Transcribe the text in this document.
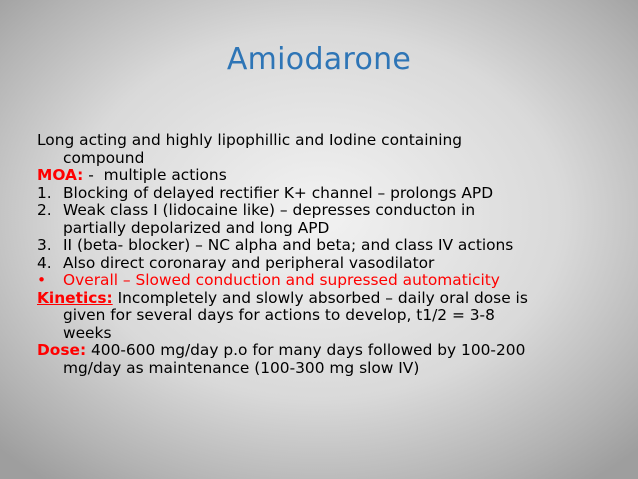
Amiodarone

Long acting and highly lipophillic and Iodine containing

compound

MOA: -  multiple actions

1. Blocking of delayed rectifier K+ channel – prolongs APD

2. Weak class I (lidocaine like) – depresses conducton in

partially depolarized and long APD

3. II (beta- blocker) – NC alpha and beta; and class IV actions

4. Also direct coronaray and peripheral vasodilator

•	Overall – Slowed conduction and supressed automaticity

Kinetics: Incompletely and slowly absorbed – daily oral dose is

given for several days for actions to develop, t1/2 = 3-8

weeks

Dose: 400-600 mg/day p.o for many days followed by 100-200

mg/day as maintenance (100-300 mg slow IV)
